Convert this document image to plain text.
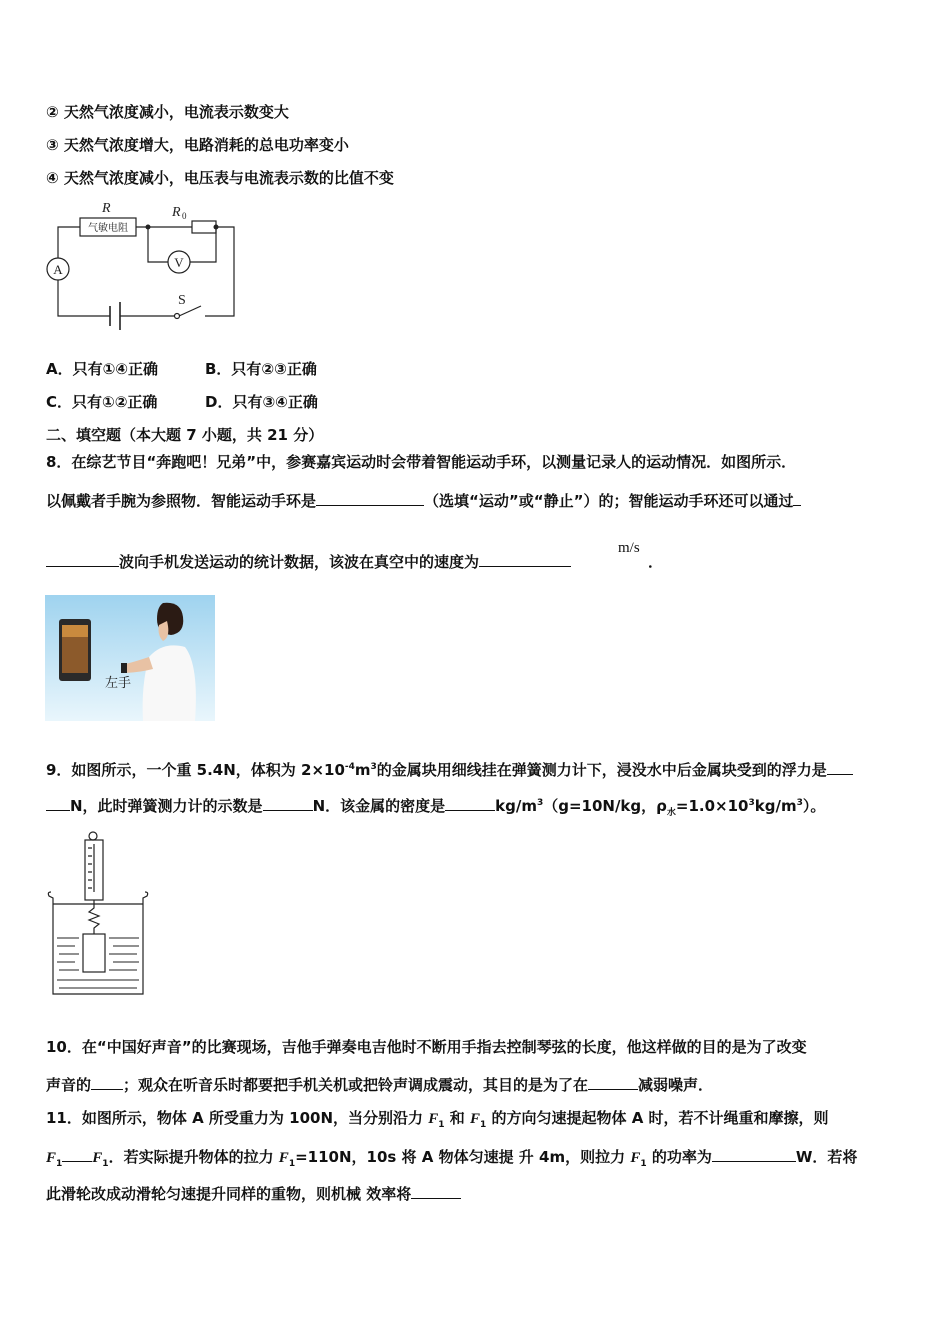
② 天然气浓度减小，电流表示数变大
③ 天然气浓度增大，电路消耗的总电功率变小
④ 天然气浓度减小，电压表与电流表示数的比值不变
R
气敏电阻
R 0
A	V
S
A．只有①④正确	B．只有②③正确
C．只有①②正确	D．只有③④正确
二、填空题（本大题 7 小题，共 21 分）
8．在综艺节目“奔跑吧！兄弟”中，参赛嘉宾运动时会带着智能运动手环，以测量记录人的运动情况．如图所示．
以佩戴者手腕为参照物．智能运动手环是	（选填“运动”或“静止”）的；智能运动手环还可以通过
波向手机发送运动的统计数据，该波在真空中的速度为
m/s
．
左手
9．如图所示，一个重 5.4N，体积为 $2\times 10^{-4}m^3$的金属块用细线挂在弹簧测力计下，浸没水中后金属块受到的浮力是
N，此时弹簧测力计的示数是	N．该金属的密度是	$kg/m^3(g=10N/kg$，$\rho_水=1.0\times 10^3kg/m^3$）。
10．在“中国好声音”的比赛现场，吉他手弹奏电吉他时不断用手指去控制琴弦的长度，他这样做的目的是为了改变
声音的 ；观众在听音乐时都要把手机关机或把铃声调成震动，其目的是为了在	减弱噪声．
11．如图所示，物体 A 所受重力为 100N，当分别沿力 $F_1$ 和 $F_1$ 的方向匀速提起物体 A 时，若不计绳重和摩擦，则
$F_1$ $F_1$．若实际提升物体的拉力 $F_1=110N$，10s 将 A 物体匀速提 升 4m，则拉力 $F_1$ 的功率为	W．若将
此滑轮改成动滑轮匀速提升同样的重物，则机械 效率将
